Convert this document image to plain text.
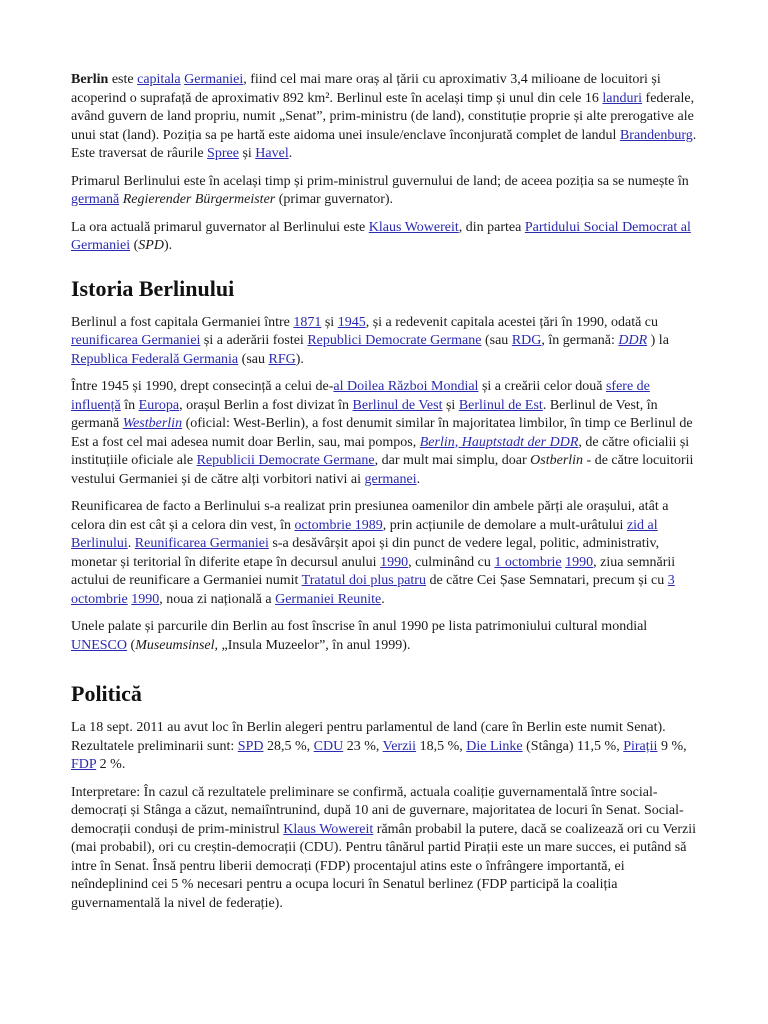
Berlin este capitala Germaniei, fiind cel mai mare oraș al țării cu aproximativ 3,4 milioane de locuitori și acoperind o suprafață de aproximativ 892 km². Berlinul este în același timp și unul din cele 16 landuri federale, având guvern de land propriu, numit „Senat”, prim-ministru (de land), constituție proprie și alte prerogative ale unui stat (land). Poziția sa pe hartă este aidoma unei insule/enclave înconjurată complet de landul Brandenburg. Este traversat de râurile Spree și Havel.

Primarul Berlinului este în același timp și prim-ministrul guvernului de land; de aceea poziția sa se numește în germană Regierender Bürgermeister (primar guvernator).

La ora actuală primarul guvernator al Berlinului este Klaus Wowereit, din partea Partidului Social Democrat al Germaniei (SPD).

Istoria Berlinului

Berlinul a fost capitala Germaniei între 1871 și 1945, și a redevenit capitala acestei țări în 1990, odată cu reunificarea Germaniei și a aderării fostei Republici Democrate Germane (sau RDG, în germană: DDR ) la Republica Federală Germania (sau RFG).

Între 1945 și 1990, drept consecință a celui de-al Doilea Război Mondial și a creării celor două sfere de influență în Europa, orașul Berlin a fost divizat în Berlinul de Vest și Berlinul de Est. Berlinul de Vest, în germană Westberlin (oficial: West-Berlin), a fost denumit similar în majoritatea limbilor, în timp ce Berlinul de Est a fost cel mai adesea numit doar Berlin, sau, mai pompos, Berlin, Hauptstadt der DDR, de către oficialii și instituțiile oficiale ale Republicii Democrate Germane, dar mult mai simplu, doar Ostberlin - de către locuitorii vestului Germaniei și de către alți vorbitori nativi ai germanei.

Reunificarea de facto a Berlinului s-a realizat prin presiunea oamenilor din ambele părți ale orașului, atât a celora din est cât și a celora din vest, în octombrie 1989, prin acțiunile de demolare a mult-urâtului zid al Berlinului. Reunificarea Germaniei s-a desăvârșit apoi și din punct de vedere legal, politic, administrativ, monetar și teritorial în diferite etape în decursul anului 1990, culminând cu 1 octombrie 1990, ziua semnării actului de reunificare a Germaniei numit Tratatul doi plus patru de către Cei Șase Semnatari, precum și cu 3 octombrie 1990, noua zi națională a Germaniei Reunite.

Unele palate și parcurile din Berlin au fost înscrise în anul 1990 pe lista patrimoniului cultural mondial UNESCO (Museumsinsel, „Insula Muzeelor”, în anul 1999).

Politică

La 18 sept. 2011 au avut loc în Berlin alegeri pentru parlamentul de land (care în Berlin este numit Senat). Rezultatele preliminarii sunt: SPD 28,5 %, CDU 23 %, Verzii 18,5 %, Die Linke (Stânga) 11,5 %, Pirații 9 %, FDP 2 %.

Interpretare: În cazul că rezultatele preliminare se confirmă, actuala coaliție guvernamentală între social-democrați și Stânga a căzut, nemaiîntrunind, după 10 ani de guvernare, majoritatea de locuri în Senat. Social-democrații conduși de prim-ministrul Klaus Wowereit rămân probabil la putere, dacă se coalizează ori cu Verzii (mai probabil), ori cu creștin-democrații (CDU). Pentru tânărul partid Pirații este un mare succes, ei putând să intre în Senat. Însă pentru liberii democrați (FDP) procentajul atins este o înfrângere importantă, ei neîndeplinind cei 5 % necesari pentru a ocupa locuri în Senatul berlinez (FDP participă la coaliția guvernamentală la nivel de federație).
